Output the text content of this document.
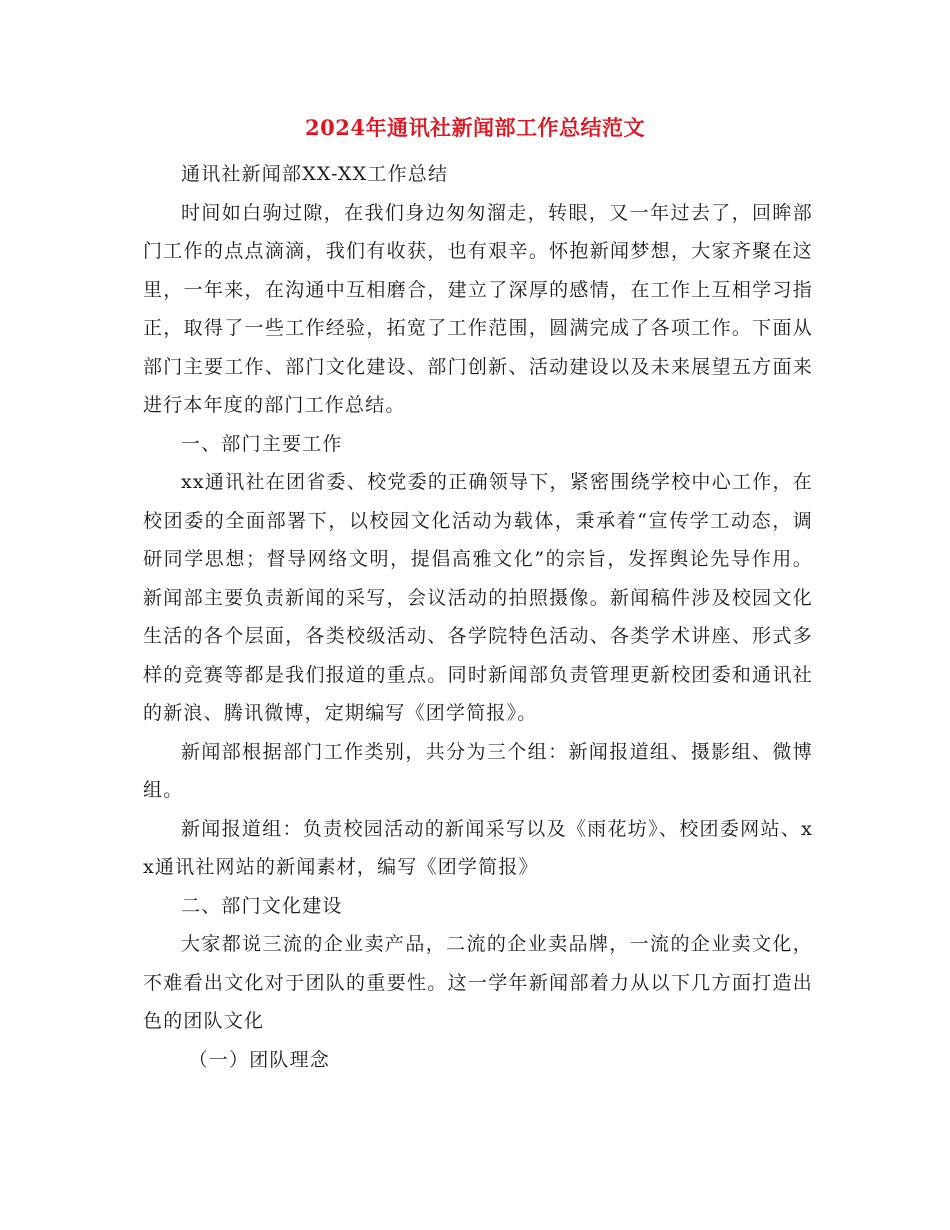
2024年通讯社新闻部工作总结范文

通讯社新闻部XX-XX工作总结

时间如白驹过隙，在我们身边匆匆溜走，转眼，又一年过去了，回眸部门工作的点点滴滴，我们有收获，也有艰辛。怀抱新闻梦想，大家齐聚在这里，一年来，在沟通中互相磨合，建立了深厚的感情，在工作上互相学习指正，取得了一些工作经验，拓宽了工作范围，圆满完成了各项工作。下面从部门主要工作、部门文化建设、部门创新、活动建设以及未来展望五方面来进行本年度的部门工作总结。

一、部门主要工作

xx通讯社在团省委、校党委的正确领导下，紧密围绕学校中心工作，在校团委的全面部署下，以校园文化活动为载体，秉承着“宣传学工动态，调研同学思想；督导网络文明，提倡高雅文化”的宗旨，发挥舆论先导作用。新闻部主要负责新闻的采写，会议活动的拍照摄像。新闻稿件涉及校园文化生活的各个层面，各类校级活动、各学院特色活动、各类学术讲座、形式多样的竞赛等都是我们报道的重点。同时新闻部负责管理更新校团委和通讯社的新浪、腾讯微博，定期编写《团学简报》。

新闻部根据部门工作类别，共分为三个组：新闻报道组、摄影组、微博组。

新闻报道组：负责校园活动的新闻采写以及《雨花坊》、校团委网站、xx通讯社网站的新闻素材，编写《团学简报》

二、部门文化建设

大家都说三流的企业卖产品，二流的企业卖品牌，一流的企业卖文化，不难看出文化对于团队的重要性。这一学年新闻部着力从以下几方面打造出色的团队文化

（一）团队理念
